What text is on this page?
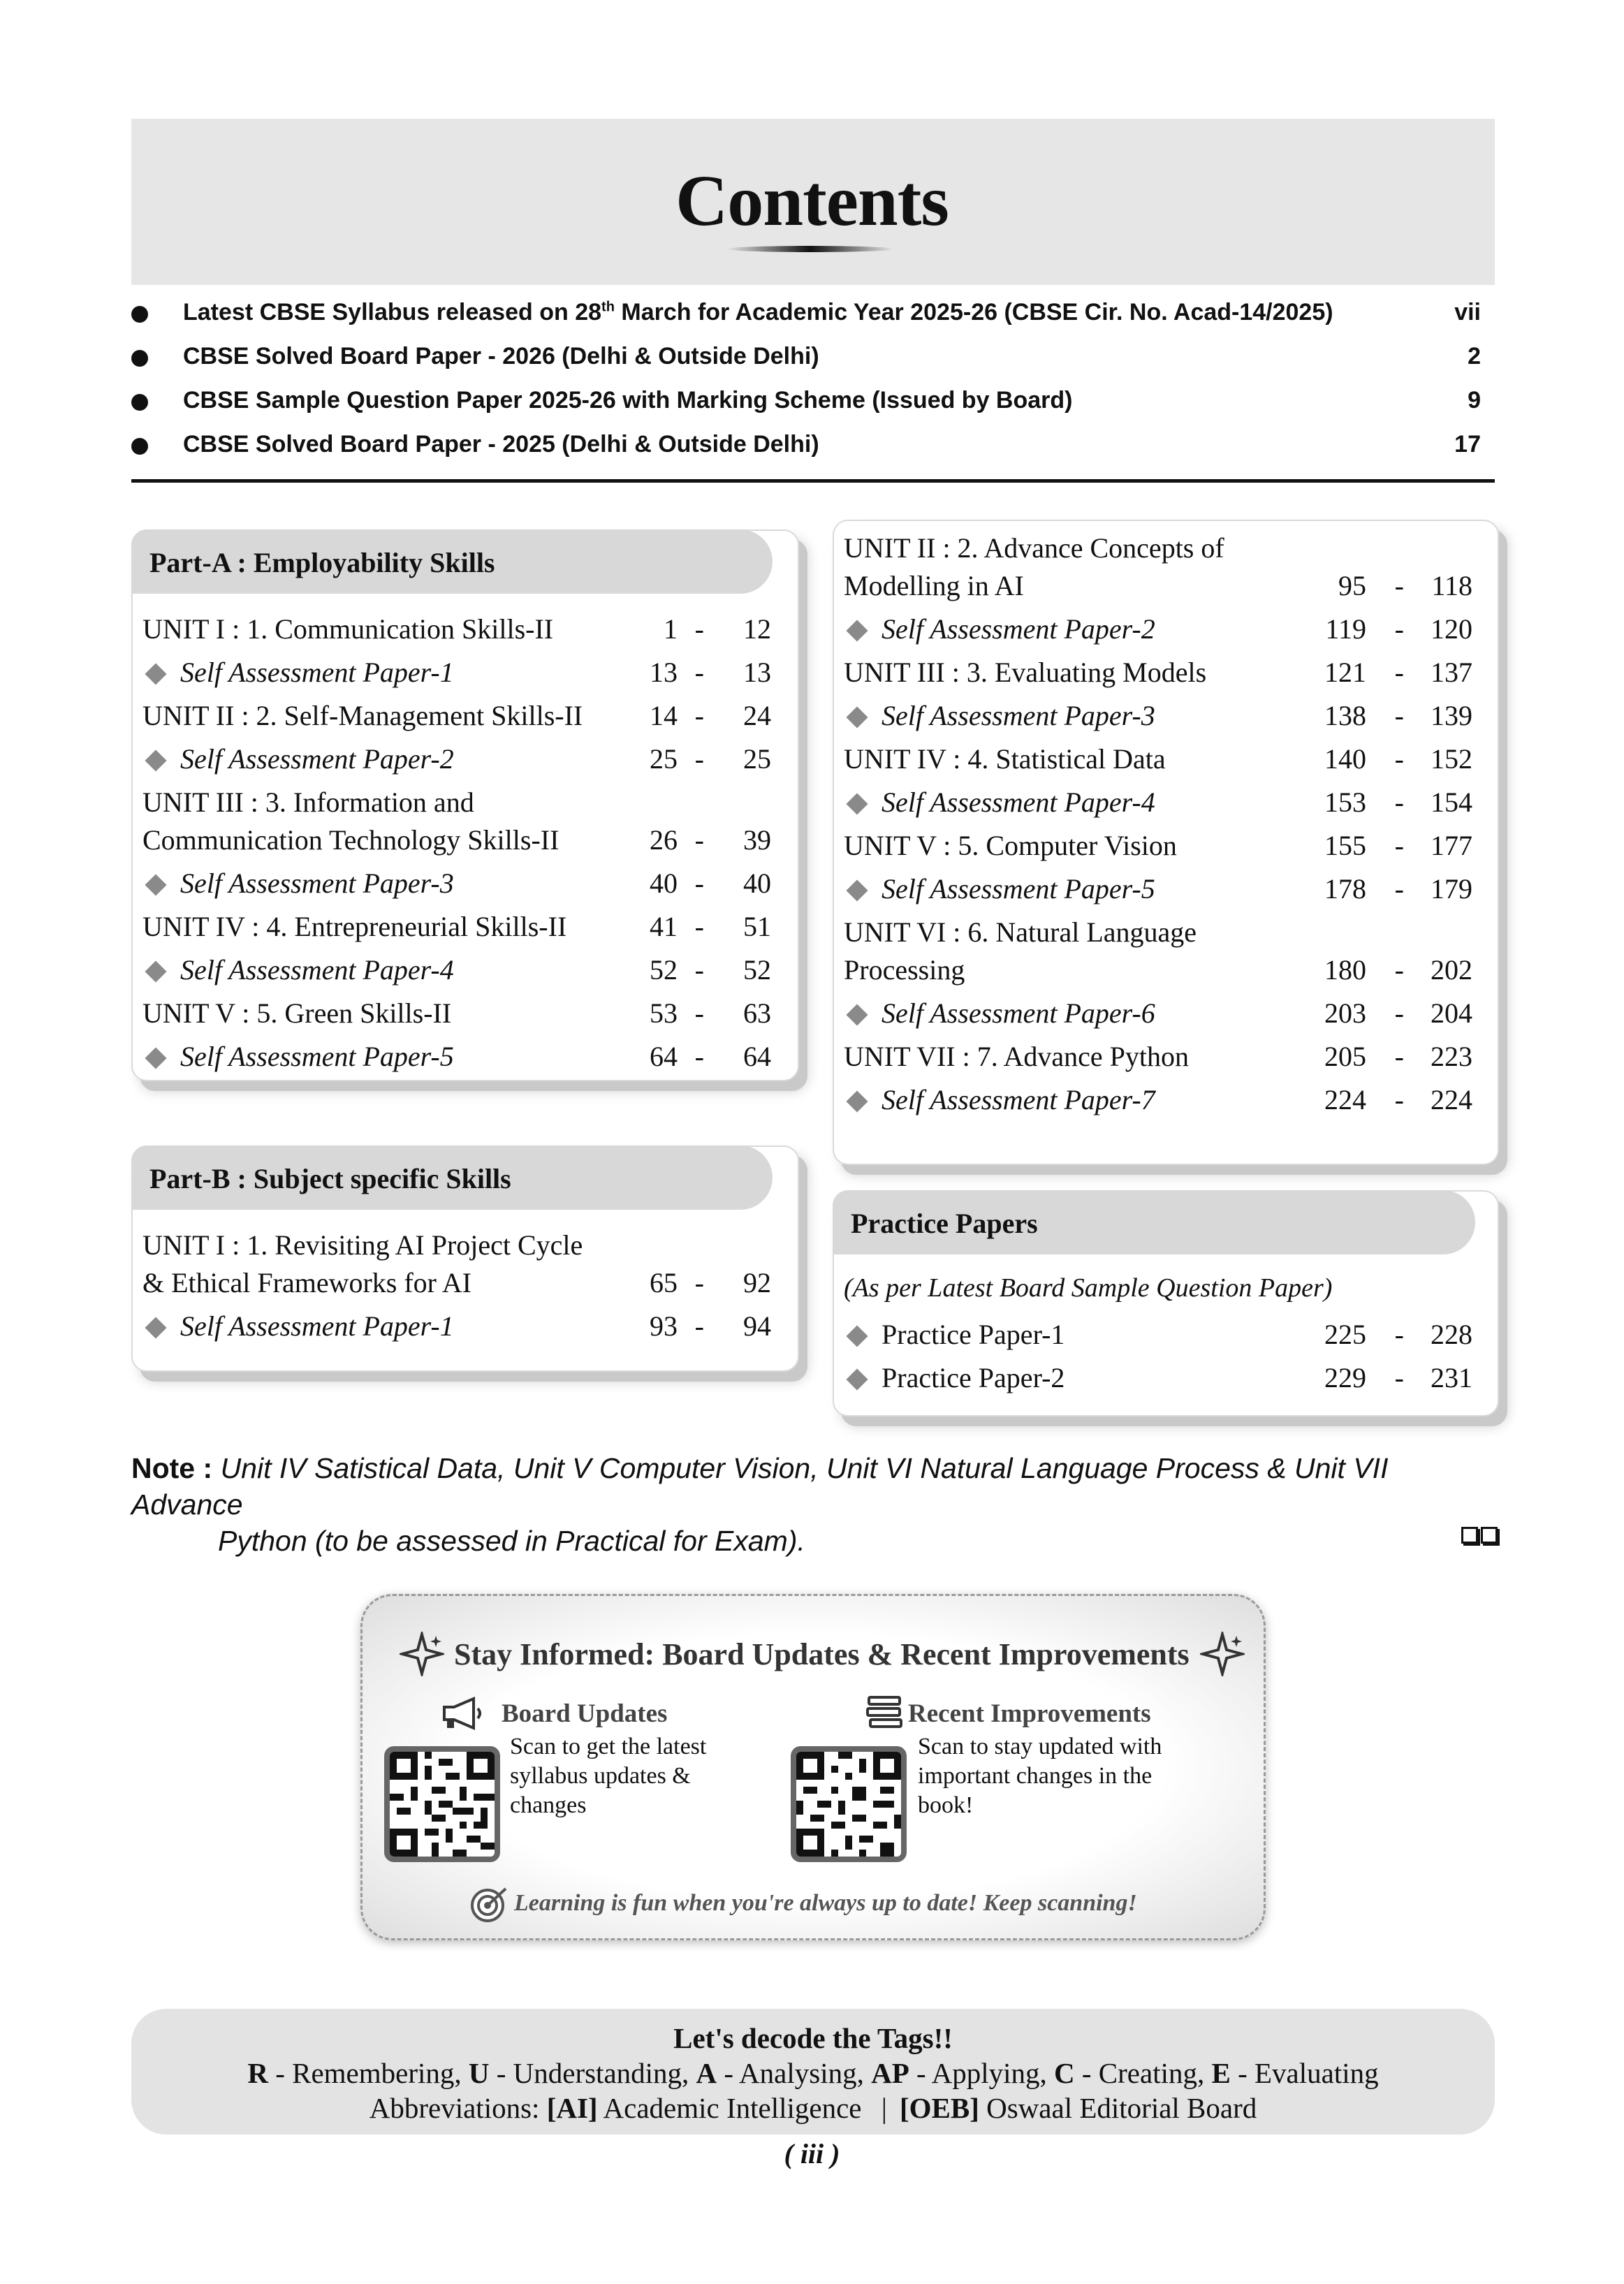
Contents
Latest CBSE Syllabus released on 28th March for Academic Year 2025-26 (CBSE Cir. No. Acad-14/2025)	vii
CBSE Solved Board Paper - 2026 (Delhi & Outside Delhi)	2
CBSE Sample Question Paper 2025-26 with Marking Scheme (Issued by Board)	9
CBSE Solved Board Paper - 2025 (Delhi & Outside Delhi)	17
Part-A : Employability Skills
UNIT I : 1. Communication Skills-II	1 - 12
Self Assessment Paper-1	13 - 13
UNIT II : 2. Self-Management Skills-II 14 - 24
Self Assessment Paper-2	25 - 25
UNIT III : 3. Information and
Communication Technology Skills-II	26 - 39
Self Assessment Paper-3	40 - 40
UNIT IV : 4. Entrepreneurial Skills-II	41 - 51
Self Assessment Paper-4	52 - 52
UNIT V : 5. Green Skills-II	53 - 63
Self Assessment Paper-5	64 - 64
Part-B : Subject specific Skills
UNIT I : 1. Revisiting AI Project Cycle
& Ethical Frameworks for AI	65 - 92
Self Assessment Paper-1	93 - 94
UNIT II : 2. Advance Concepts of
Modelling in AI	95 - 118
Self Assessment Paper-2	119 - 120
UNIT III : 3. Evaluating Models	121 - 137
Self Assessment Paper-3	138 - 139
UNIT IV : 4. Statistical Data	140 - 152
Self Assessment Paper-4	153 - 154
UNIT V : 5. Computer Vision	155 - 177
Self Assessment Paper-5	178 - 179
UNIT VI : 6. Natural Language
Processing	180 - 202
Self Assessment Paper-6	203 - 204
UNIT VII : 7. Advance Python	205 - 223
Self Assessment Paper-7	224 - 224
Practice Papers
(As per Latest Board Sample Question Paper)
Practice Paper-1	225 - 228
Practice Paper-2	229 - 231
Note : Unit IV Satistical Data, Unit V Computer Vision, Unit VI Natural Language Process & Unit VII Advance
Python (to be assessed in Practical for Exam).
Stay Informed: Board Updates & Recent Improvements
Board Updates
Scan to get the latest
syllabus updates &
changes
Recent Improvements
Scan to stay updated with
important changes in the
book!
Learning is fun when you're always up to date! Keep scanning!
Let's decode the Tags!!
R - Remembering, U - Understanding, A - Analysing, AP - Applying, C - Creating, E - Evaluating
Abbreviations: [AI] Academic Intelligence | [OEB] Oswaal Editorial Board
( iii )
